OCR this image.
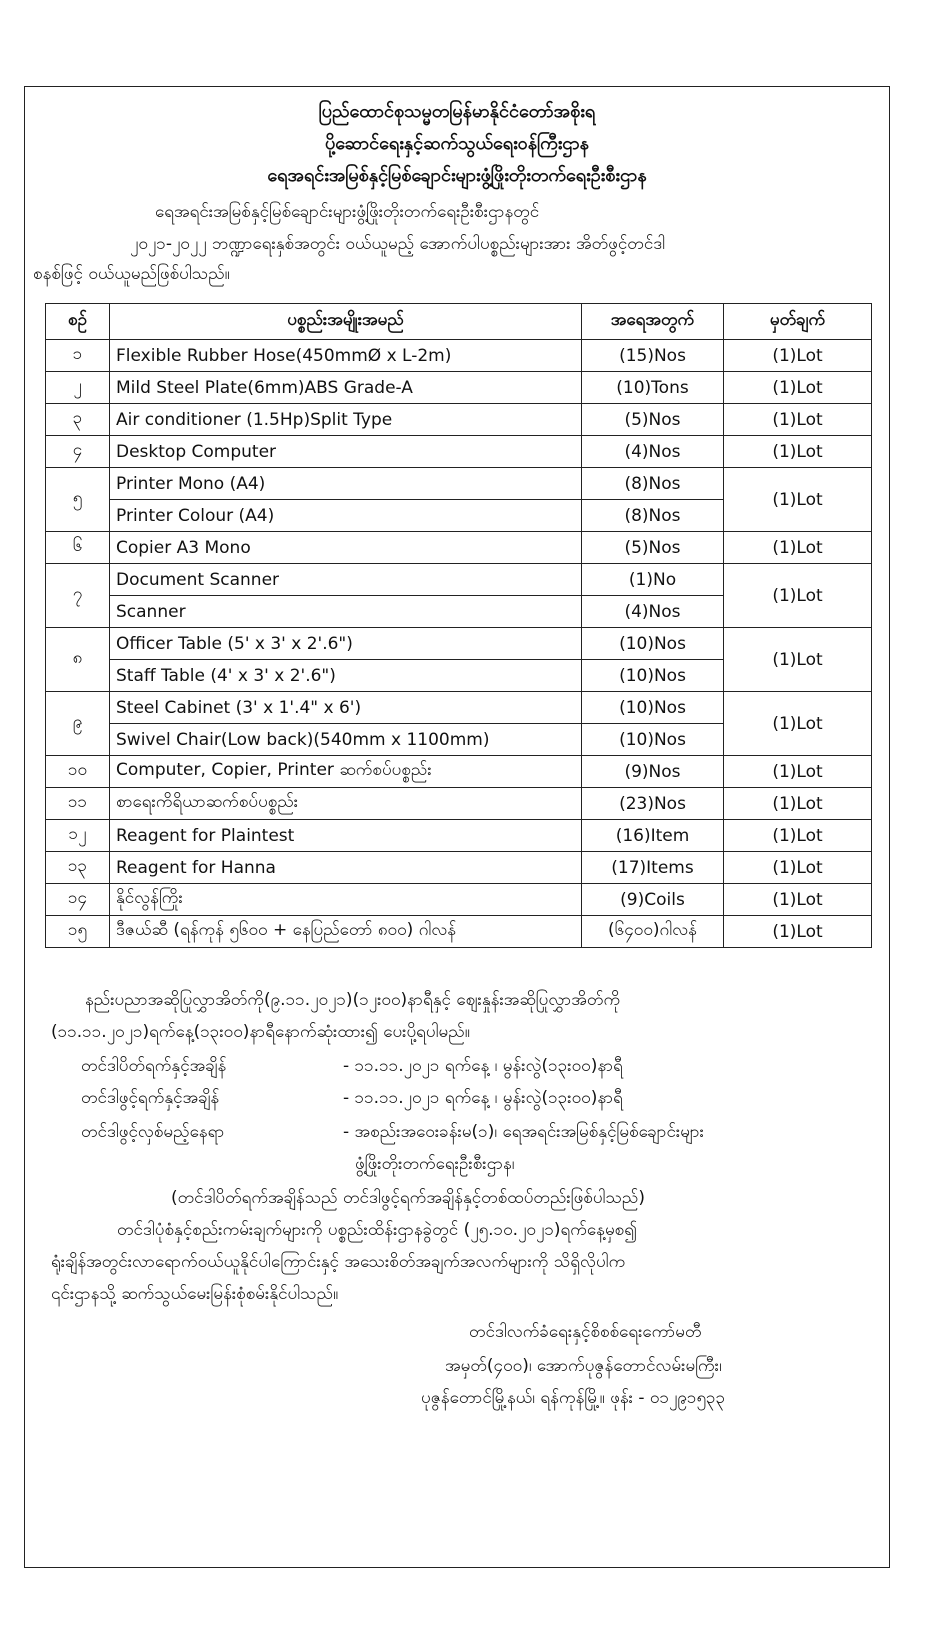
ပြည်ထောင်စုသမ္မတမြန်မာနိုင်ငံတော်အစိုးရ
ပို့ဆောင်ရေးနှင့်ဆက်သွယ်ရေးဝန်ကြီးဌာန
ရေအရင်းအမြစ်နှင့်မြစ်ချောင်းများဖွံ့ဖြိုးတိုးတက်ရေးဦးစီးဌာန
ရေအရင်းအမြစ်နှင့်မြစ်ချောင်းများဖွံ့ဖြိုးတိုးတက်ရေးဦးစီးဌာနတွင်
၂၀၂၁-၂၀၂၂ ဘဏ္ဍာရေးနှစ်အတွင်း ဝယ်ယူမည့် အောက်ပါပစ္စည်းများအား အိတ်ဖွင့်တင်ဒါ
စနစ်ဖြင့် ဝယ်ယူမည်ဖြစ်ပါသည်။
စဉ်	ပစ္စည်းအမျိုးအမည်	အရေအတွက်	မှတ်ချက်
၁	Flexible Rubber Hose(450mmØ x L-2m)	(15)Nos	(1)Lot
၂	Mild Steel Plate(6mm)ABS Grade-A	(10)Tons	(1)Lot
၃	Air conditioner (1.5Hp)Split Type	(5)Nos	(1)Lot
၄	Desktop Computer	(4)Nos	(1)Lot
၅	Printer Mono (A4)	(8)Nos	(1)Lot
	Printer Colour (A4)	(8)Nos	
၆	Copier A3 Mono	(5)Nos	(1)Lot
၇	Document Scanner	(1)No	(1)Lot
	Scanner	(4)Nos	
၈	Officer Table (5' x 3' x 2'.6")	(10)Nos	(1)Lot
	Staff Table (4' x 3' x 2'.6")	(10)Nos	
၉	Steel Cabinet (3' x 1'.4" x 6')	(10)Nos	(1)Lot
	Swivel Chair(Low back)(540mm x 1100mm)	(10)Nos	
၁၀	Computer, Copier, Printer ဆက်စပ်ပစ္စည်း	(9)Nos	(1)Lot
၁၁	စာရေးကိရိယာဆက်စပ်ပစ္စည်း	(23)Nos	(1)Lot
၁၂	Reagent for Plaintest	(16)Item	(1)Lot
၁၃	Reagent for Hanna	(17)Items	(1)Lot
၁၄	နိုင်လွန်ကြိုး	(9)Coils	(1)Lot
၁၅	ဒီဇယ်ဆီ (ရန်ကုန် ၅၆၀၀ + နေပြည်တော် ၈၀၀) ဂါလန်	(၆၄၀၀)ဂါလန်	(1)Lot
နည်းပညာအဆိုပြုလွှာအိတ်ကို(၉.၁၁.၂၀၂၁)(၁၂း၀၀)နာရီနှင့် ဈေးနှုန်းအဆိုပြုလွှာအိတ်ကို
(၁၁.၁၁.၂၀၂၁)ရက်နေ့(၁၃း၀၀)နာရီနောက်ဆုံးထား၍ ပေးပို့ရပါမည်။
တင်ဒါပိတ်ရက်နှင့်အချိန်	- ၁၁.၁၁.၂၀၂၁ ရက်နေ့ ၊ မွန်းလွဲ(၁၃း၀၀)နာရီ
တင်ဒါဖွင့်ရက်နှင့်အချိန်	- ၁၁.၁၁.၂၀၂၁ ရက်နေ့ ၊ မွန်းလွဲ(၁၃း၀၀)နာရီ
တင်ဒါဖွင့်လှစ်မည့်နေရာ	- အစည်းအဝေးခန်းမ(၁)၊ ရေအရင်းအမြစ်နှင့်မြစ်ချောင်းများ
ဖွံ့ဖြိုးတိုးတက်ရေးဦးစီးဌာန၊
(တင်ဒါပိတ်ရက်အချိန်သည် တင်ဒါဖွင့်ရက်အချိန်နှင့်တစ်ထပ်တည်းဖြစ်ပါသည်)
တင်ဒါပုံစံနှင့်စည်းကမ်းချက်များကို ပစ္စည်းထိန်းဌာနခွဲတွင် (၂၅.၁၀.၂၀၂၁)ရက်နေ့မှစ၍
ရုံးချိန်အတွင်းလာရောက်ဝယ်ယူနိုင်ပါကြောင်းနှင့် အသေးစိတ်အချက်အလက်များကို သိရှိလိုပါက
၎င်းဌာနသို့ ဆက်သွယ်မေးမြန်းစုံစမ်းနိုင်ပါသည်။
တင်ဒါလက်ခံရေးနှင့်စိစစ်ရေးကော်မတီ
အမှတ်(၄၀၀)၊ အောက်ပုဇွန်တောင်လမ်းမကြီး၊
ပုဇွန်တောင်မြို့နယ်၊ ရန်ကုန်မြို့။ ဖုန်း - ၀၁၂၉၁၅၃၃
